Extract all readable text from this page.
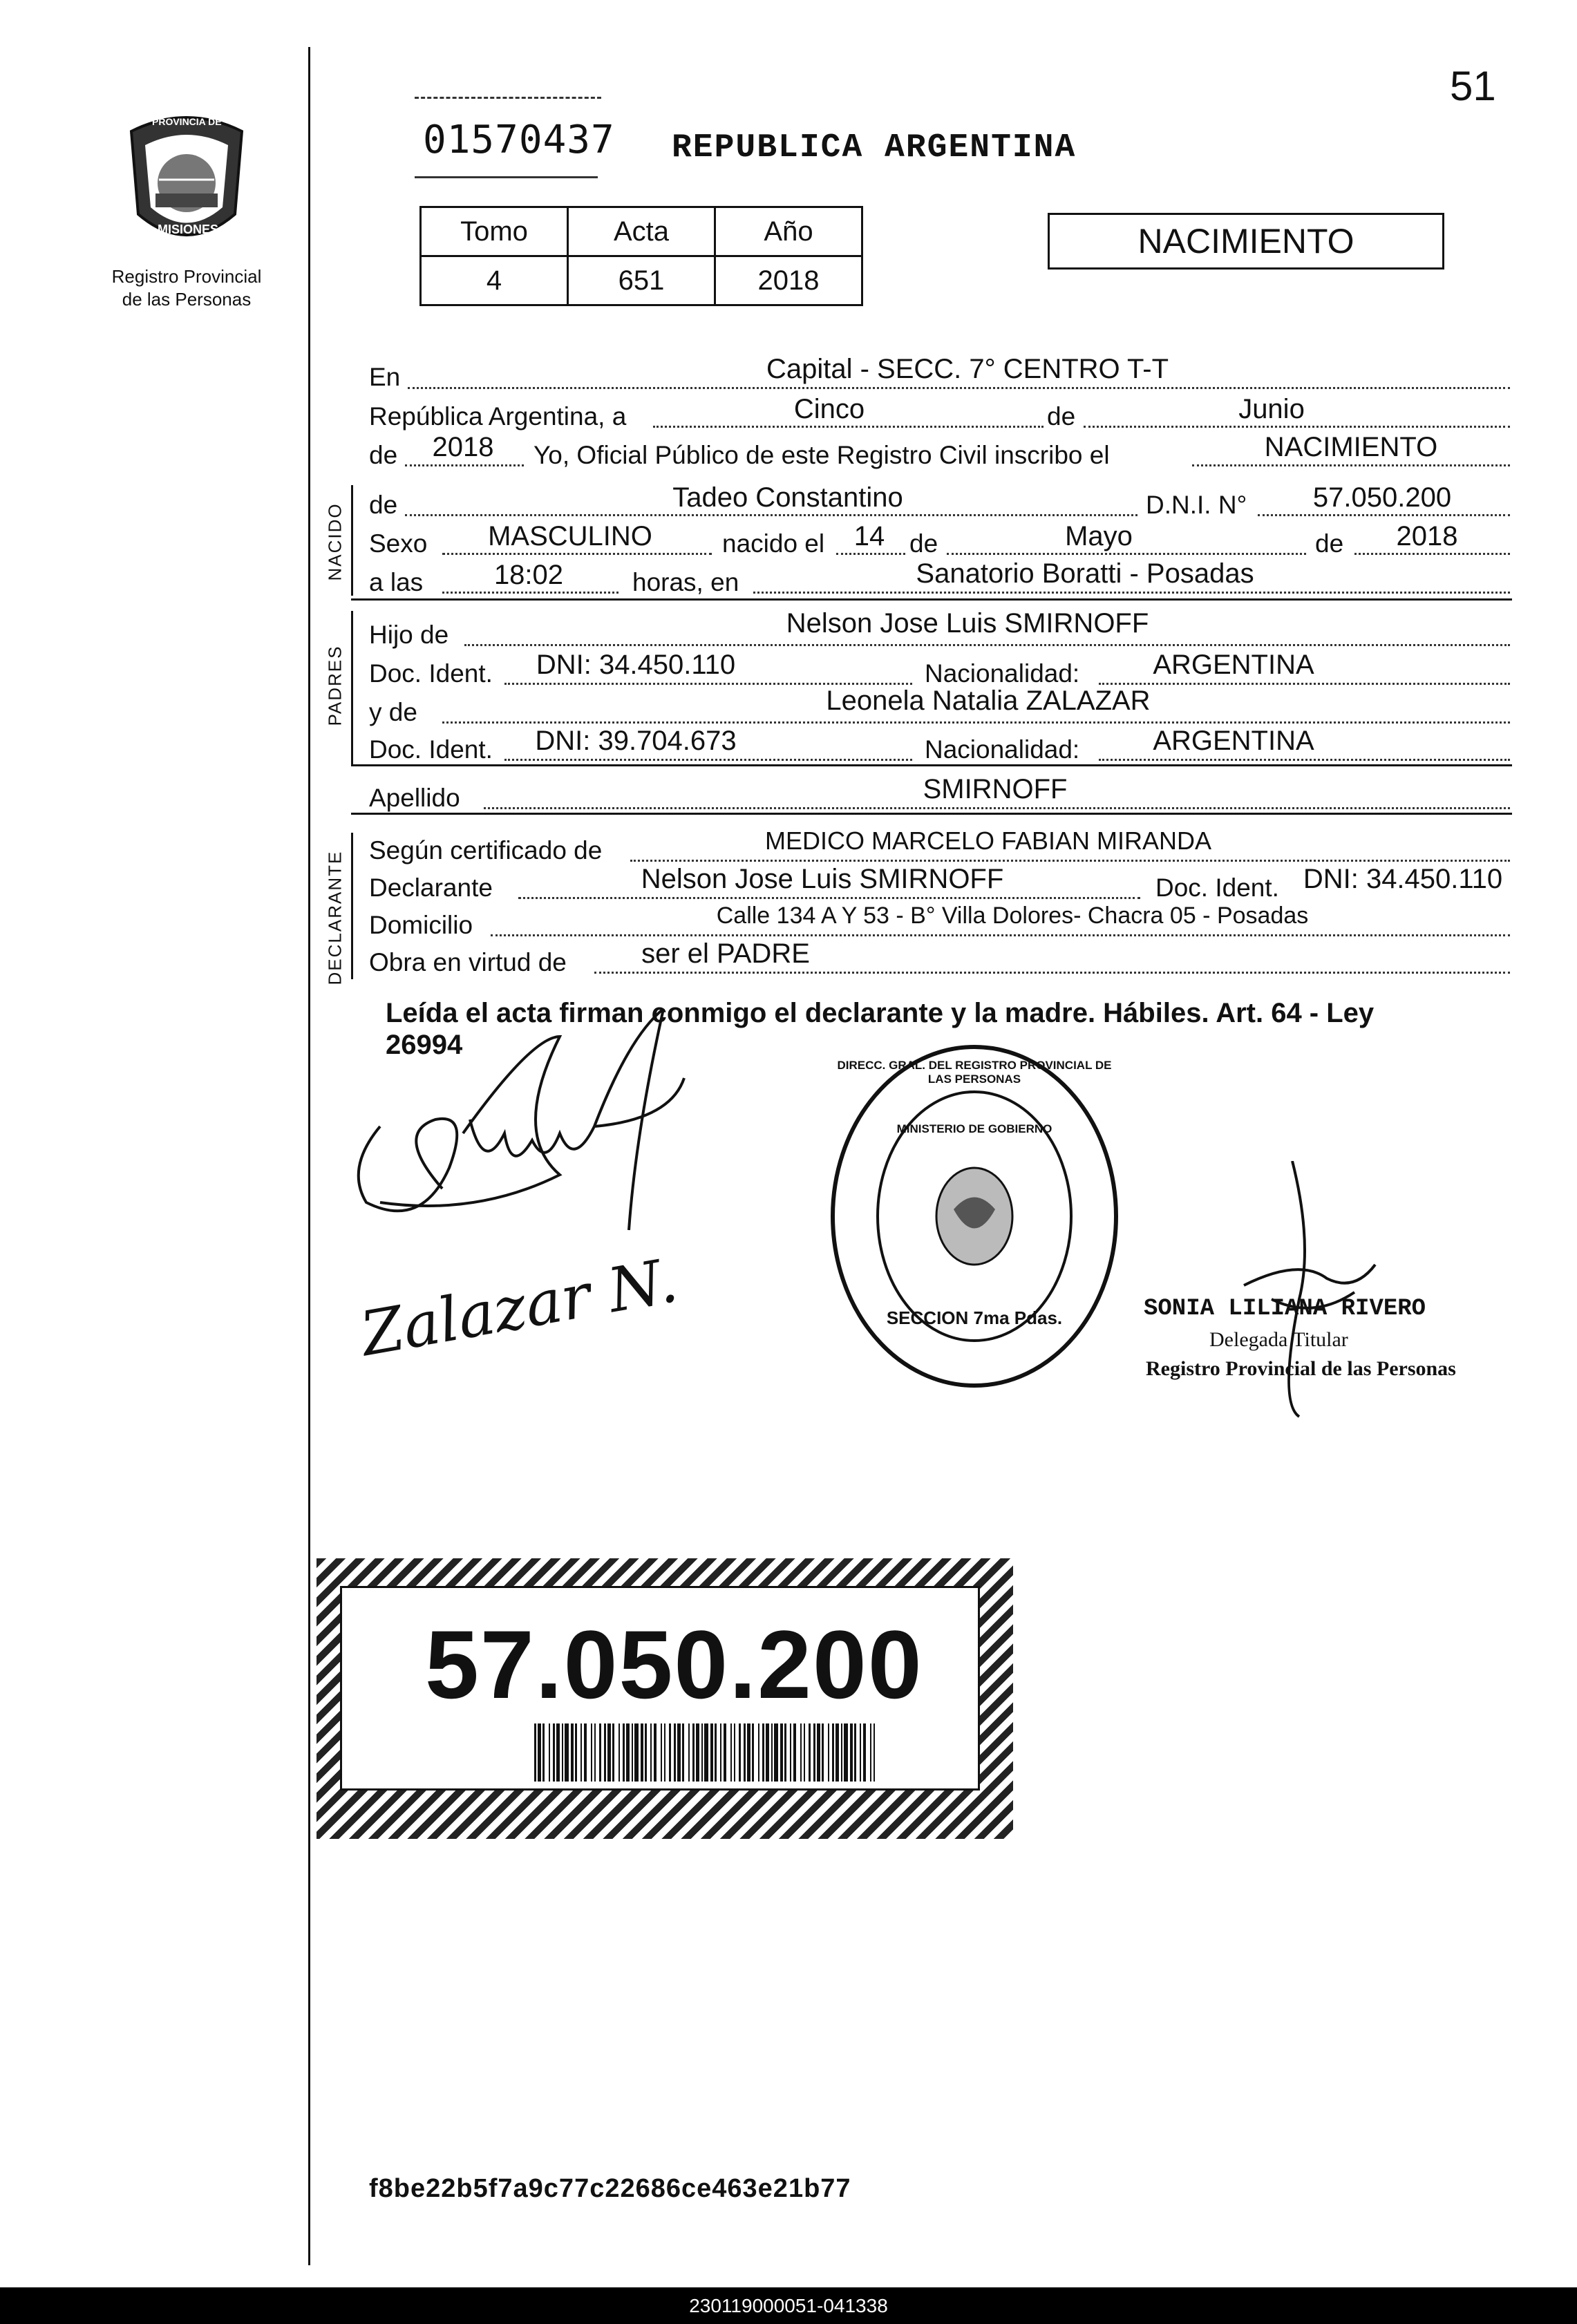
51
PROVINCIA DE
MISIONES
Registro Provincial
de las Personas
01570437 REPUBLICA ARGENTINA
Tomo	Acta	Año
4	651	2018
NACIMIENTO
En	Capital - SECC. 7° CENTRO T-T
República Argentina, a	Cinco	de	Junio
de	2018	Yo, Oficial Público de este Registro Civil inscribo el	NACIMIENTO
NACIDO de	Tadeo Constantino	D.N.I. N°	57.050.200
Sexo	MASCULINO	nacido el	14 de	Mayo	de	2018
a las	18:02	horas, en	Sanatorio Boratti - Posadas
PADRES
Hijo de	Nelson Jose Luis SMIRNOFF
Doc. Ident.	DNI: 34.450.110	Nacionalidad:	ARGENTINA
y de	Leonela Natalia ZALAZAR
Doc. Ident.	DNI: 39.704.673	Nacionalidad:	ARGENTINA
Apellido	SMIRNOFF
DECLARANTE
Según certificado de	MEDICO MARCELO FABIAN MIRANDA
Declarante	Nelson Jose Luis SMIRNOFF	Doc. Ident. DNI: 34.450.110
Domicilio	Calle 134 A Y 53 - B° Villa Dolores- Chacra 05 - Posadas
Obra en virtud de	ser el PADRE
Leída el acta firman conmigo el declarante y la madre. Hábiles. Art. 64 - Ley
26994
Zalazar N.
DIRECC. GRAL. DEL REGISTRO PROVINCIAL DE LAS PERSONAS
MINISTERIO DE GOBIERNO
SECCION 7ma Pdas.	SONIA LILIANA RIVERO
Delegada Titular
Registro Provincial de las Personas
57.050.200
f8be22b5f7a9c77c22686ce463e21b77
230119000051-041338
